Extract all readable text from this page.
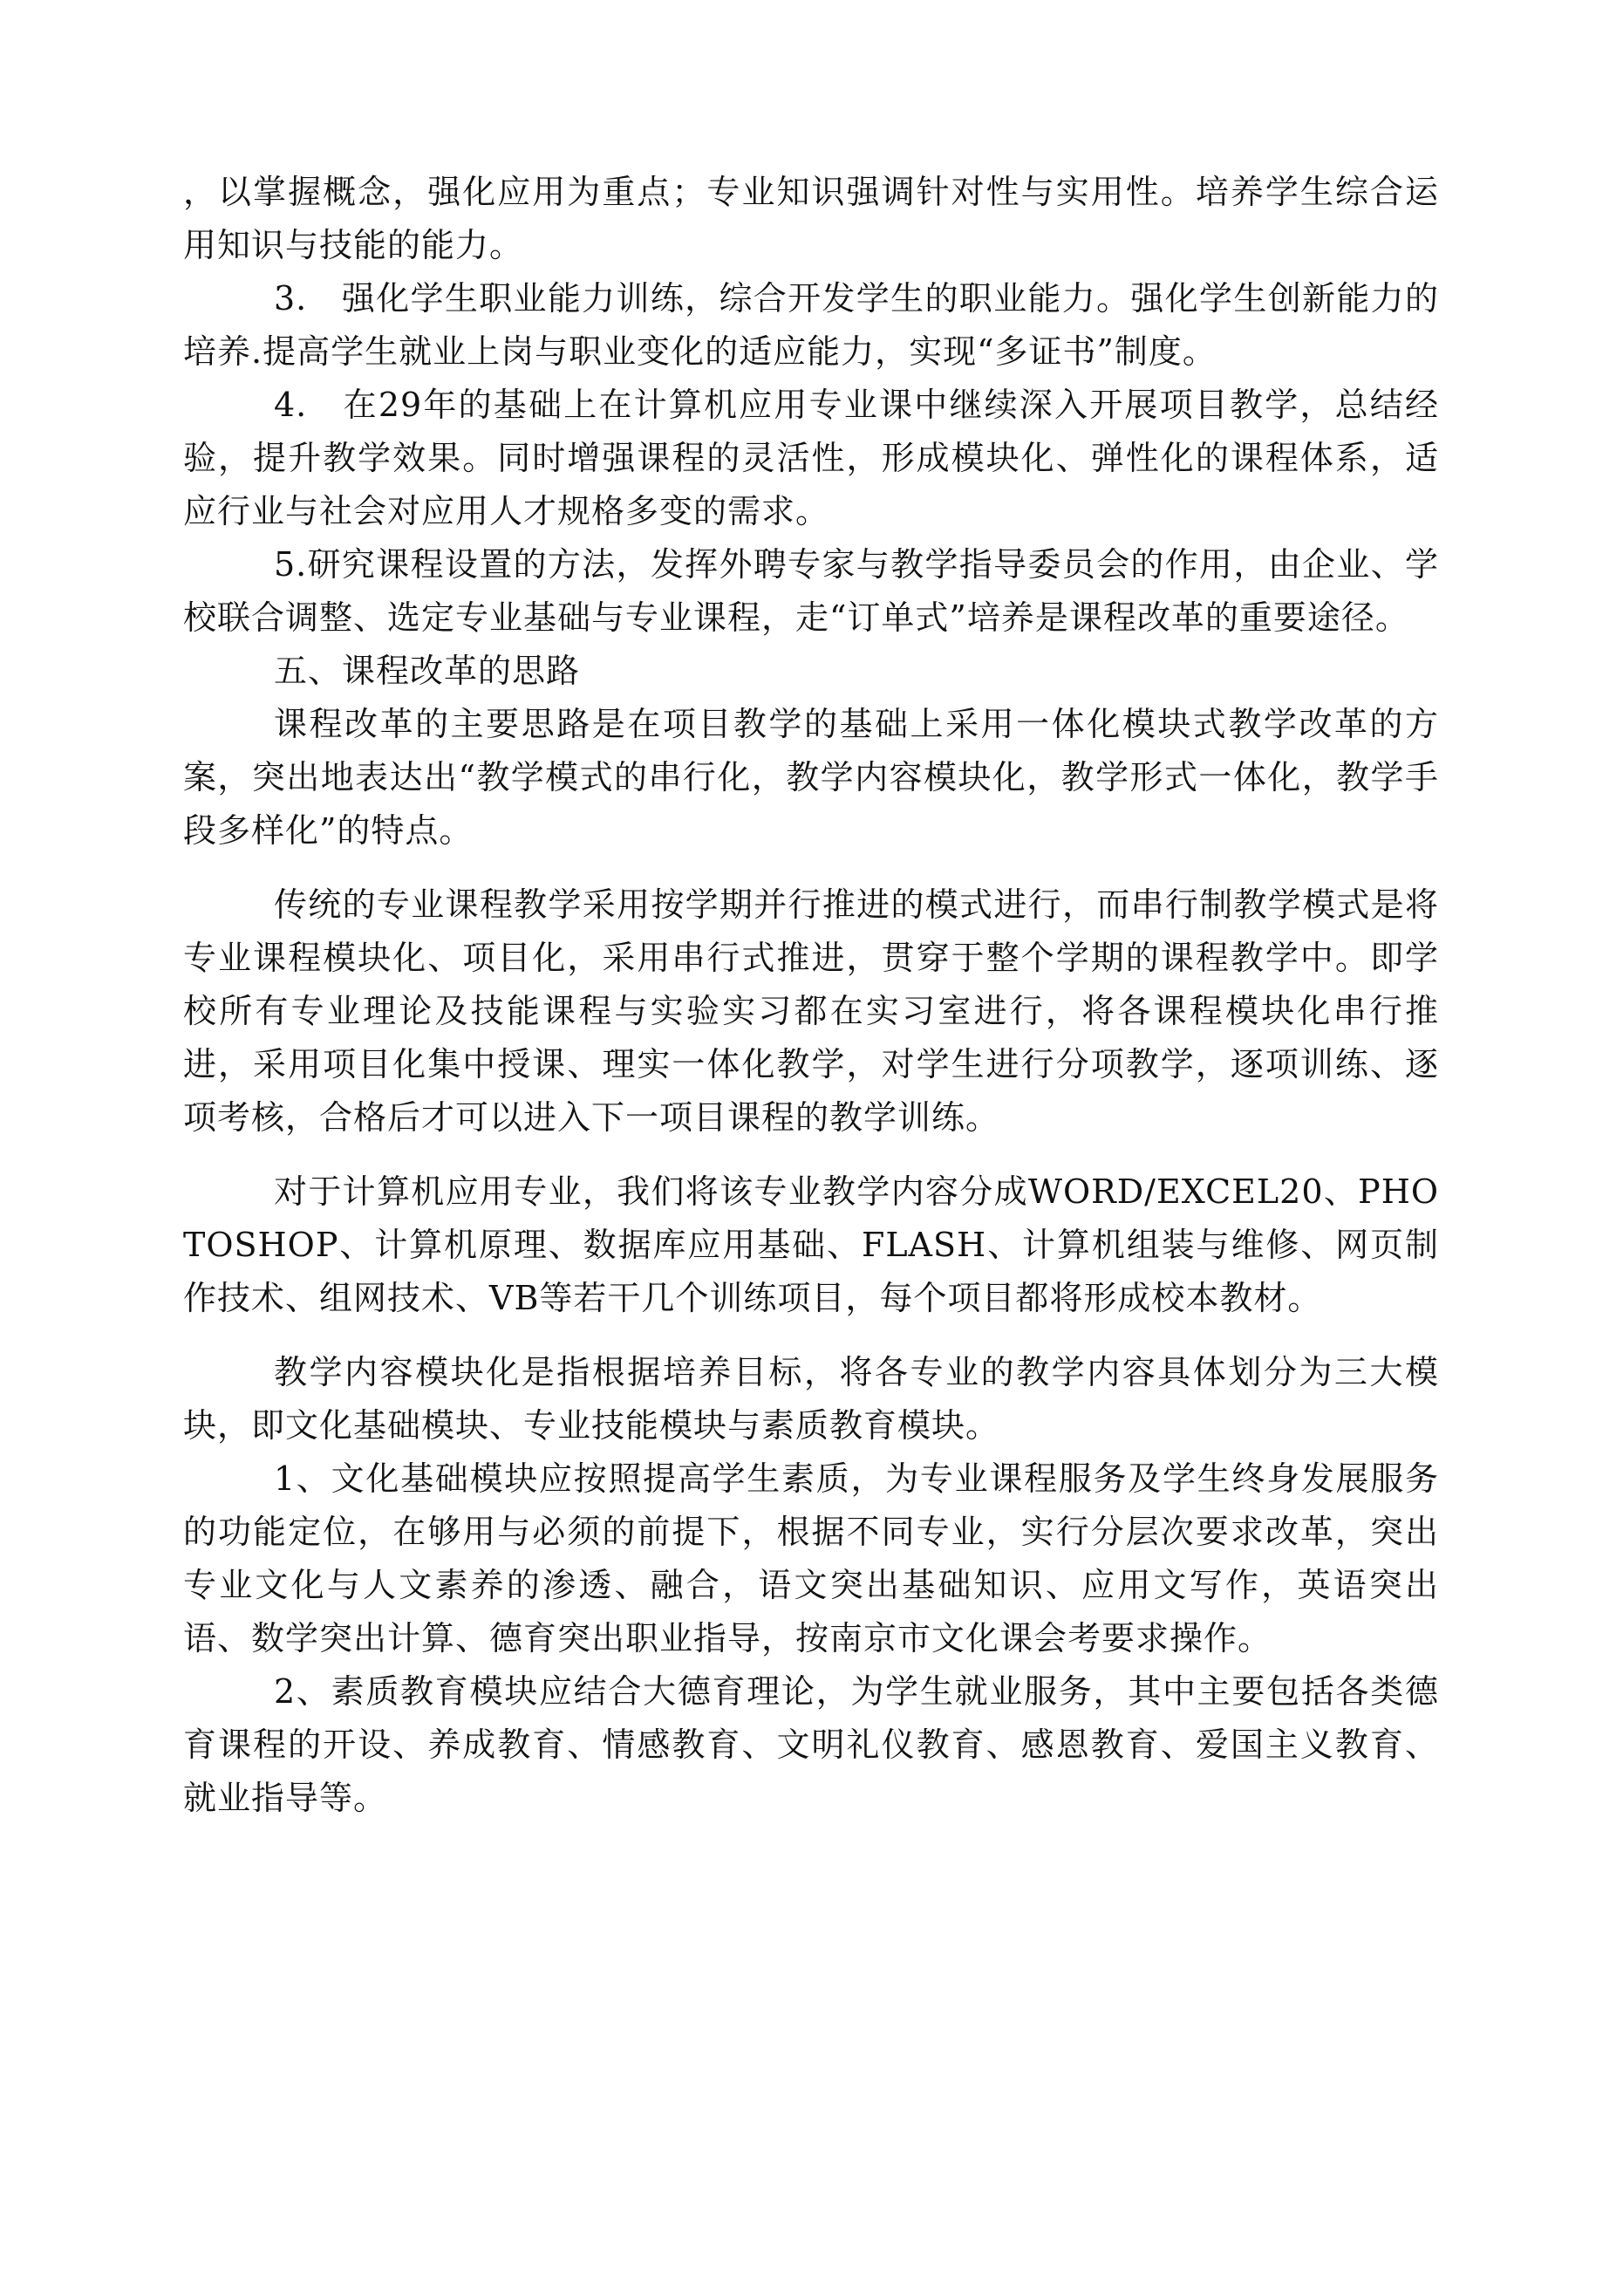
，以掌握概念，强化应用为重点；专业知识强调针对性与实用性。培养学生综合运用知识与技能的能力。

3.　强化学生职业能力训练，综合开发学生的职业能力。强化学生创新能力的培养.提高学生就业上岗与职业变化的适应能力，实现“多证书”制度。

4.　在29年的基础上在计算机应用专业课中继续深入开展项目教学，总结经验，提升教学效果。同时增强课程的灵活性，形成模块化、弹性化的课程体系，适应行业与社会对应用人才规格多变的需求。

5.研究课程设置的方法，发挥外聘专家与教学指导委员会的作用，由企业、学校联合调整、选定专业基础与专业课程，走“订单式”培养是课程改革的重要途径。

五、课程改革的思路

课程改革的主要思路是在项目教学的基础上采用一体化模块式教学改革的方案，突出地表达出“教学模式的串行化，教学内容模块化，教学形式一体化，教学手段多样化”的特点。

传统的专业课程教学采用按学期并行推进的模式进行，而串行制教学模式是将专业课程模块化、项目化，采用串行式推进，贯穿于整个学期的课程教学中。即学校所有专业理论及技能课程与实验实习都在实习室进行，将各课程模块化串行推进，采用项目化集中授课、理实一体化教学，对学生进行分项教学，逐项训练、逐项考核，合格后才可以进入下一项目课程的教学训练。

对于计算机应用专业，我们将该专业教学内容分成WORD/EXCEL20、PHOTOSHOP、计算机原理、数据库应用基础、FLASH、计算机组装与维修、网页制作技术、组网技术、VB等若干几个训练项目，每个项目都将形成校本教材。

教学内容模块化是指根据培养目标，将各专业的教学内容具体划分为三大模块，即文化基础模块、专业技能模块与素质教育模块。

1、文化基础模块应按照提高学生素质，为专业课程服务及学生终身发展服务的功能定位，在够用与必须的前提下，根据不同专业，实行分层次要求改革，突出专业文化与人文素养的渗透、融合，语文突出基础知识、应用文写作，英语突出语、数学突出计算、德育突出职业指导，按南京市文化课会考要求操作。

2、素质教育模块应结合大德育理论，为学生就业服务，其中主要包括各类德育课程的开设、养成教育、情感教育、文明礼仪教育、感恩教育、爱国主义教育、就业指导等。
